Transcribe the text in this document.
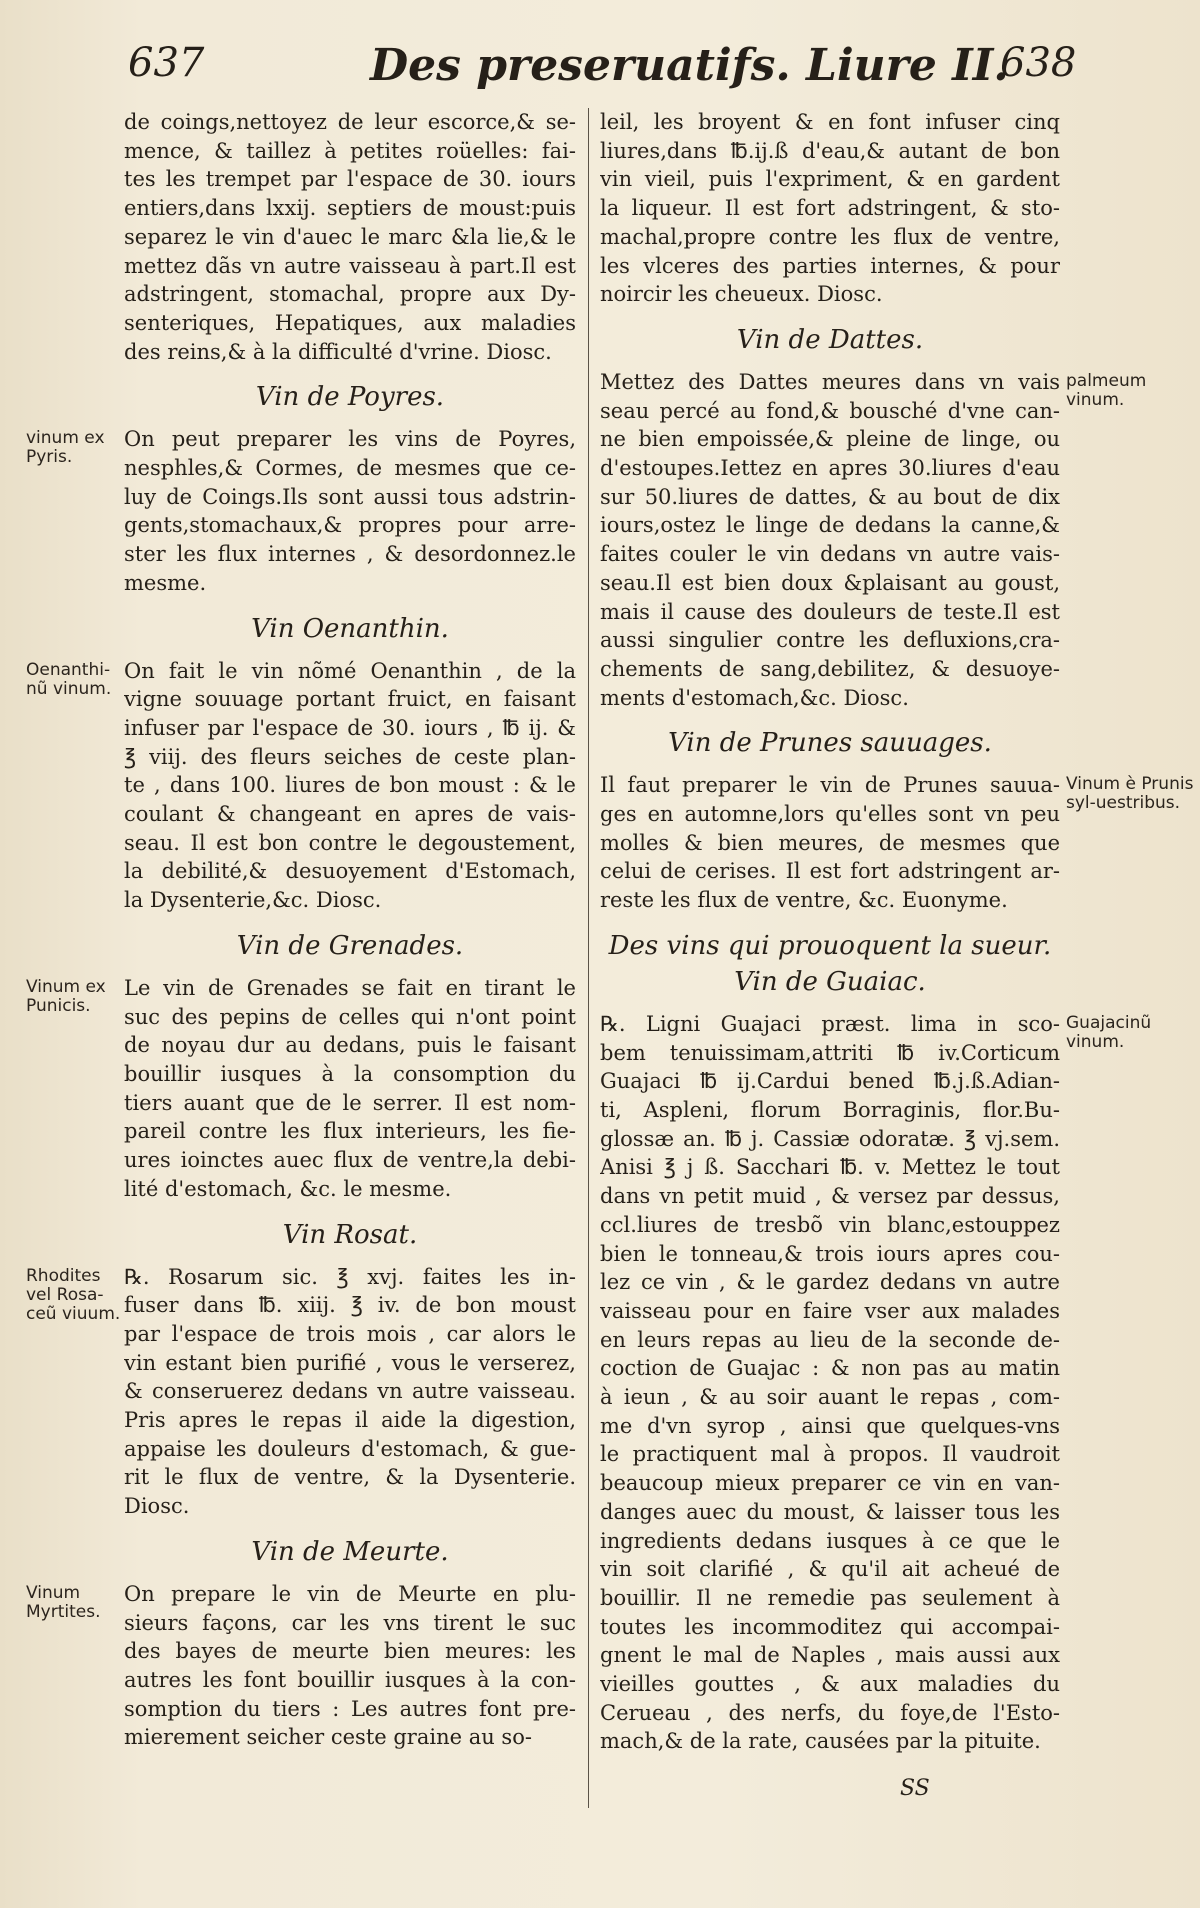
637	Des preseruatifs. Liure II.
638
de coings,nettoyez de leur escorce,& se-
mence, & taillez à petites roüelles: fai-
tes les trempet par l'espace de 30. iours
entiers,dans lxxij. septiers de moust:puis
separez le vin d'auec le marc &la lie,& le
mettez dãs vn autre vaisseau à part.Il est
adstringent, stomachal, propre aux Dy-
senteriques, Hepatiques, aux maladies
des reins,& à la difficulté d'vrine. Diosc.
Vin de Poyres.
vinum ex Pyris.
On peut preparer les vins de Poyres,
nesphles,& Cormes, de mesmes que ce-
luy de Coings.Ils sont aussi tous adstrin-
gents,stomachaux,& propres pour arre-
ster les flux internes , & desordonnez.le
mesme.
Vin Oenanthin.
Oenanthi-nũ vinum.
On fait le vin nõmé Oenanthin , de la
vigne souuage portant fruict, en faisant
infuser par l'espace de 30. iours , ℔ ij. &
℥ viij. des fleurs seiches de ceste plan-
te , dans 100. liures de bon moust : & le
coulant & changeant en apres de vais-
seau. Il est bon contre le degoustement,
la debilité,& desuoyement d'Estomach,
la Dysenterie,&c. Diosc.
Vin de Grenades.
Vinum ex Punicis.
Le vin de Grenades se fait en tirant le
suc des pepins de celles qui n'ont point
de noyau dur au dedans, puis le faisant
bouillir iusques à la consomption du
tiers auant que de le serrer. Il est nom-
pareil contre les flux interieurs, les fie-
ures ioinctes auec flux de ventre,la debi-
lité d'estomach, &c. le mesme.
Vin Rosat.
Rhodites vel Rosa-ceũ viuum.
℞. Rosarum sic. ℥ xvj. faites les in-
fuser dans ℔. xiij. ℥ iv. de bon moust
par l'espace de trois mois , car alors le
vin estant bien purifié , vous le verserez,
& conseruerez dedans vn autre vaisseau.
Pris apres le repas il aide la digestion,
appaise les douleurs d'estomach, & gue-
rit le flux de ventre, & la Dysenterie.
Diosc.
Vin de Meurte.
Vinum Myrtites.
On prepare le vin de Meurte en plu-
sieurs façons, car les vns tirent le suc
des bayes de meurte bien meures: les
autres les font bouillir iusques à la con-
somption du tiers : Les autres font pre-
mierement seicher ceste graine au so-
leil, les broyent & en font infuser cinq
liures,dans ℔.ij.ß d'eau,& autant de bon
vin vieil, puis l'expriment, & en gardent
la liqueur. Il est fort adstringent, & sto-
machal,propre contre les flux de ventre,
les vlceres des parties internes, & pour
noircir les cheueux. Diosc.
Vin de Dattes.
palmeum vinum.
Mettez des Dattes meures dans vn vais
seau percé au fond,& bousché d'vne can-
ne bien empoissée,& pleine de linge, ou
d'estoupes.Iettez en apres 30.liures d'eau
sur 50.liures de dattes, & au bout de dix
iours,ostez le linge de dedans la canne,&
faites couler le vin dedans vn autre vais-
seau.Il est bien doux &plaisant au goust,
mais il cause des douleurs de teste.Il est
aussi singulier contre les defluxions,cra-
chements de sang,debilitez, & desuoye-
ments d'estomach,&c. Diosc.
Vin de Prunes sauuages.
Vinum è Prunis syl-uestribus.
Il faut preparer le vin de Prunes sauua-
ges en automne,lors qu'elles sont vn peu
molles & bien meures, de mesmes que
celui de cerises. Il est fort adstringent ar-
reste les flux de ventre, &c. Euonyme.
Des vins qui prouoquent la sueur.
Vin de Guaiac.
Guajacinũ vinum.
℞. Ligni Guajaci præst. lima in sco-
bem tenuissimam,attriti ℔ iv.Corticum
Guajaci ℔ ij.Cardui bened ℔.j.ß.Adian-
ti, Aspleni, florum Borraginis, flor.Bu-
glossæ an. ℔ j. Cassiæ odoratæ. ℥ vj.sem.
Anisi ℥ j ß. Sacchari ℔. v. Mettez le tout
dans vn petit muid , & versez par dessus,
ccl.liures de tresbõ vin blanc,estouppez
bien le tonneau,& trois iours apres cou-
lez ce vin , & le gardez dedans vn autre
vaisseau pour en faire vser aux malades
en leurs repas au lieu de la seconde de-
coction de Guajac : & non pas au matin
à ieun , & au soir auant le repas , com-
me d'vn syrop , ainsi que quelques-vns
le practiquent mal à propos. Il vaudroit
beaucoup mieux preparer ce vin en van-
danges auec du moust, & laisser tous les
ingredients dedans iusques à ce que le
vin soit clarifié , & qu'il ait acheué de
bouillir. Il ne remedie pas seulement à
toutes les incommoditez qui accompai-
gnent le mal de Naples , mais aussi aux
vieilles gouttes , & aux maladies du
Cerueau , des nerfs, du foye,de l'Esto-
mach,& de la rate, causées par la pituite.
SS
